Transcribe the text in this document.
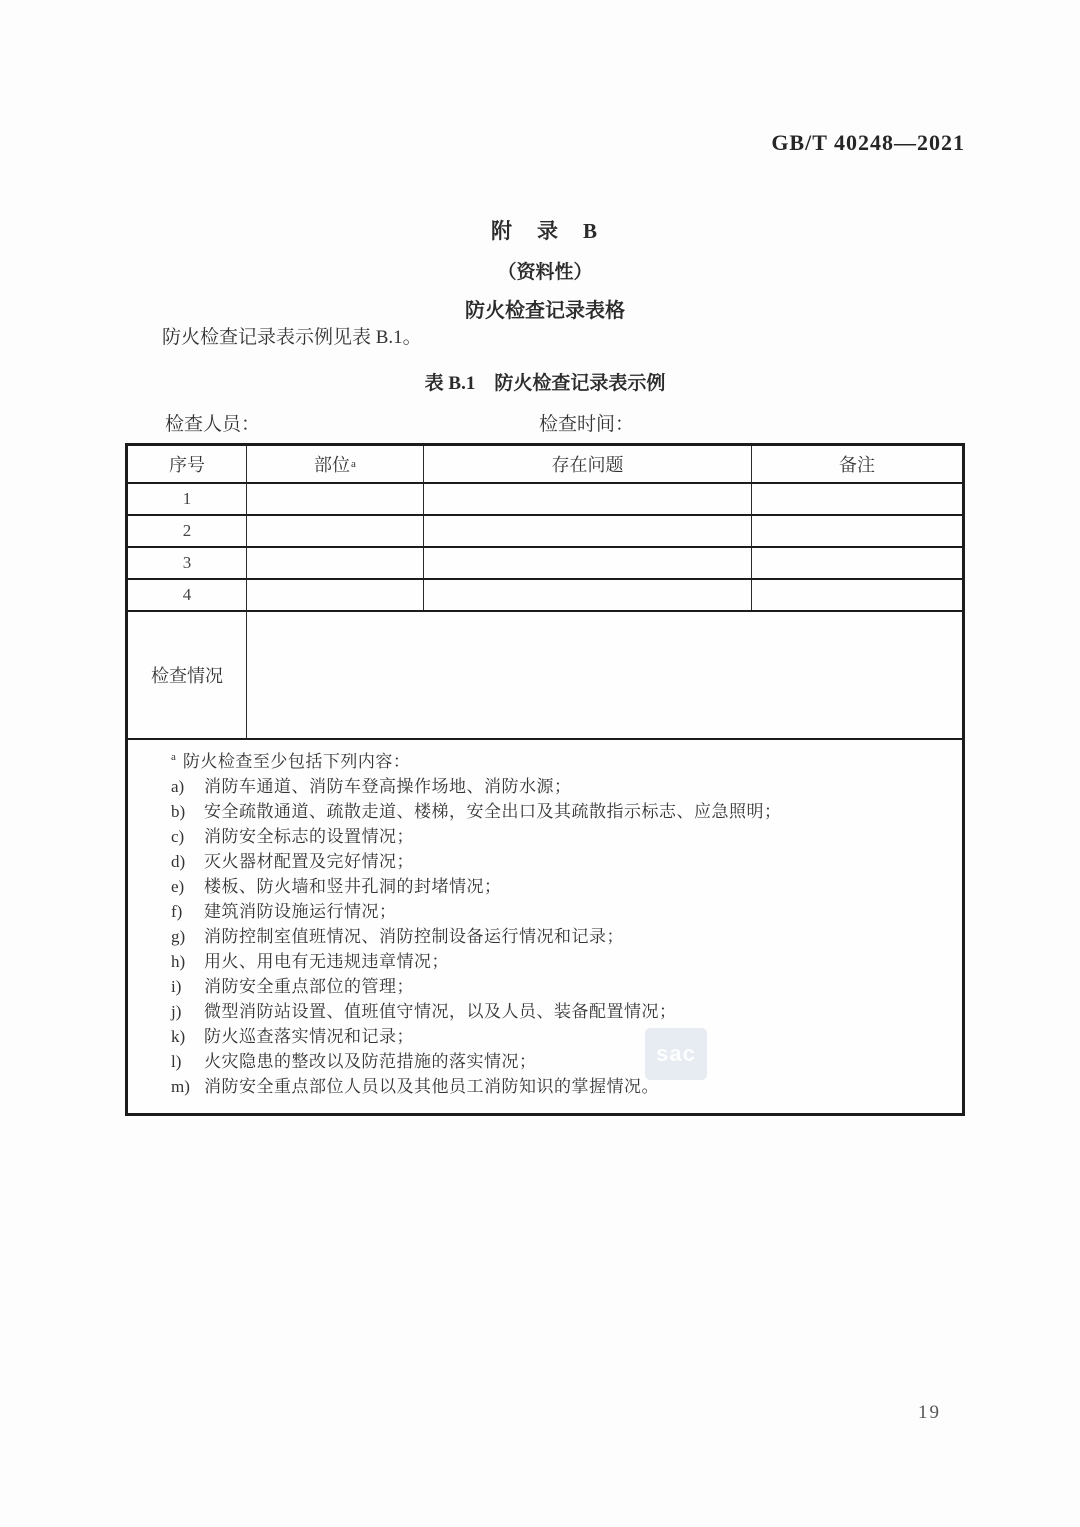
GB/T 40248—2021
附　录　B
（资料性）
防火检查记录表格
防火检查记录表示例见表 B.1。
表 B.1　防火检查记录表示例
检查人员：	检查时间：
序号	部位 a	存在问题	备注
1
2
3
4
检查情况
a 防火检查至少包括下列内容：
a)	消防车通道、消防车登高操作场地、消防水源；
b)	安全疏散通道、疏散走道、楼梯，安全出口及其疏散指示标志、应急照明；
c)	消防安全标志的设置情况；
d)	灭火器材配置及完好情况；
e)	楼板、防火墙和竖井孔洞的封堵情况；
f)	建筑消防设施运行情况；
g)	消防控制室值班情况、消防控制设备运行情况和记录；
h)	用火、用电有无违规违章情况；
i)	消防安全重点部位的管理；
j)	微型消防站设置、值班值守情况，以及人员、装备配置情况；
k)	防火巡查落实情况和记录；
l)	火灾隐患的整改以及防范措施的落实情况；
m) 消防安全重点部位人员以及其他员工消防知识的掌握情况。
sac
19
